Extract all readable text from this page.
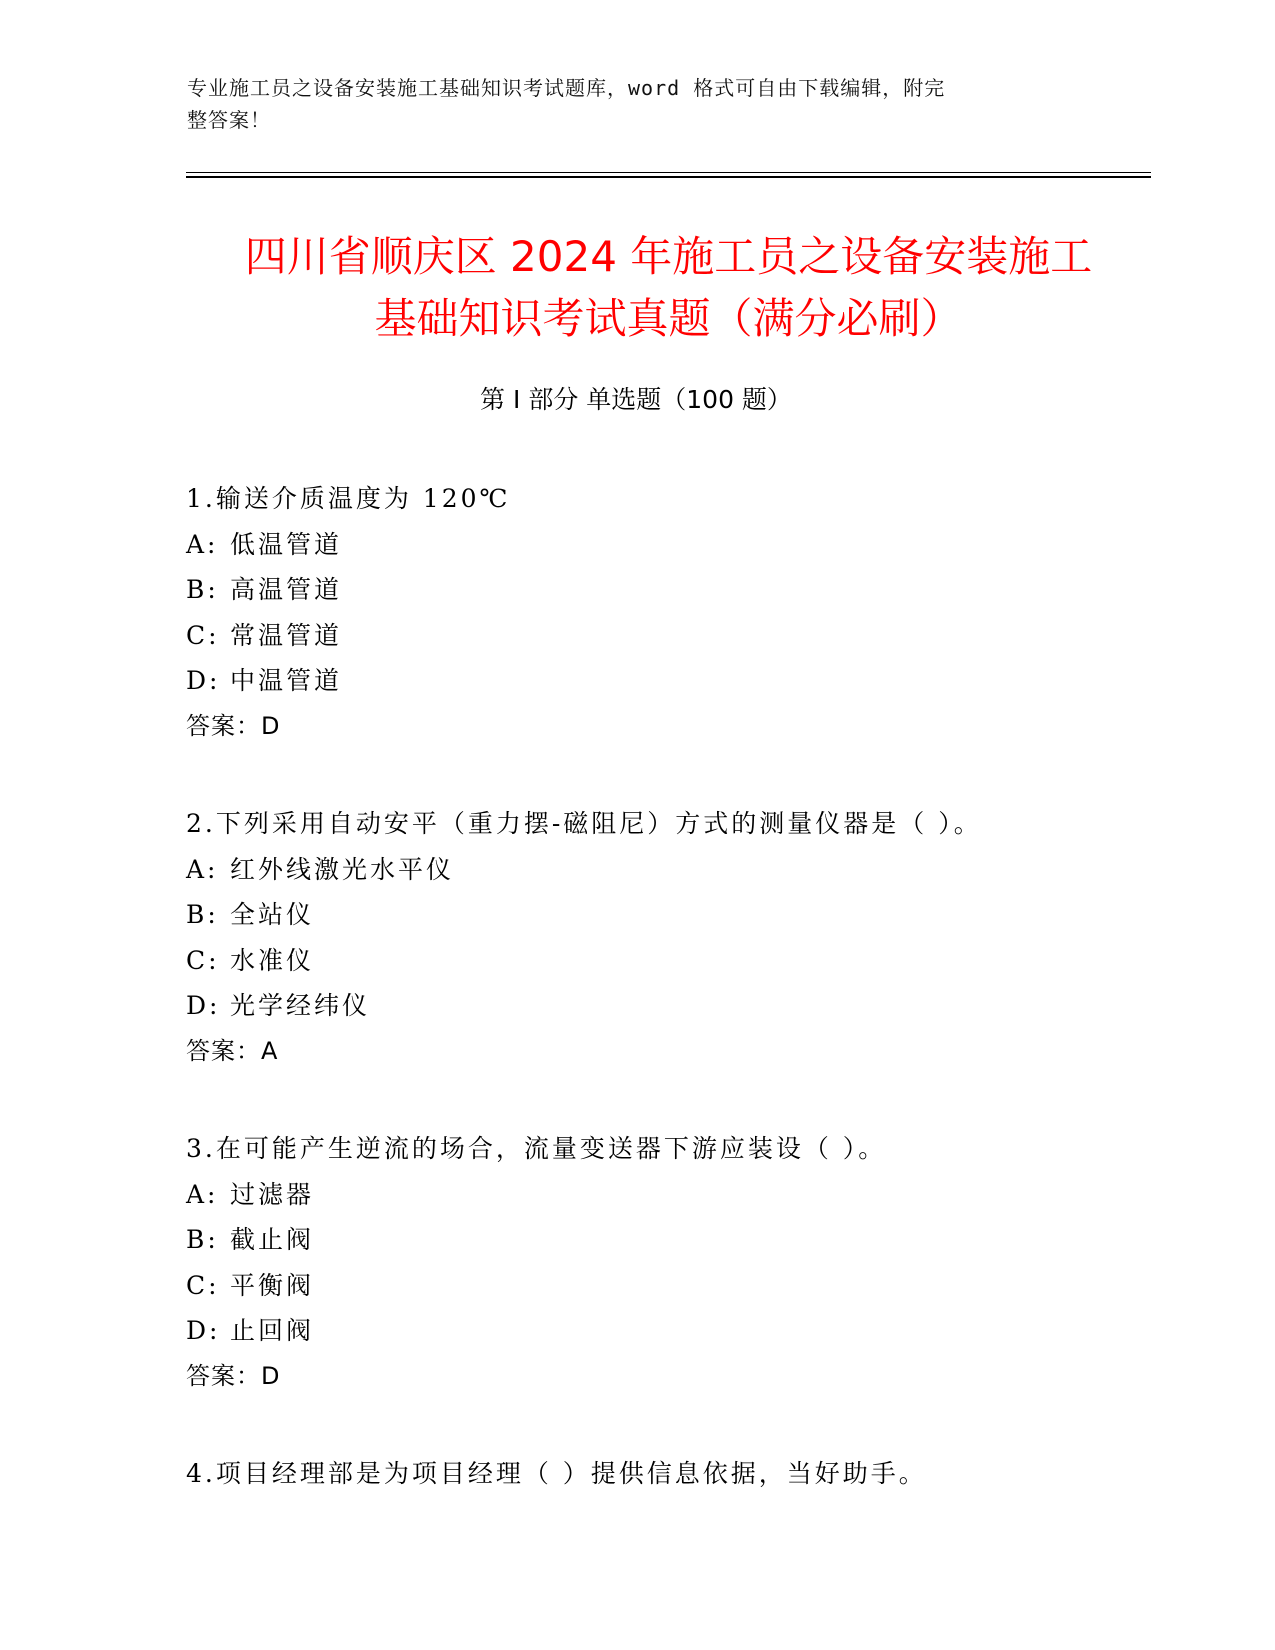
专业施工员之设备安装施工基础知识考试题库，word 格式可自由下载编辑，附完
整答案！
四川省顺庆区 2024 年施工员之设备安装施工
基础知识考试真题（满分必刷）
第 I 部分 单选题（100 题）
1.输送介质温度为 120℃
A: 低温管道
B: 高温管道
C: 常温管道
D: 中温管道
答案：D
2.下列采用自动安平（重力摆-磁阻尼）方式的测量仪器是（ ）。
A: 红外线激光水平仪
B: 全站仪
C: 水准仪
D: 光学经纬仪
答案：A
3.在可能产生逆流的场合，流量变送器下游应装设（ ）。
A: 过滤器
B: 截止阀
C: 平衡阀
D: 止回阀
答案：D
4.项目经理部是为项目经理（ ）提供信息依据，当好助手。
